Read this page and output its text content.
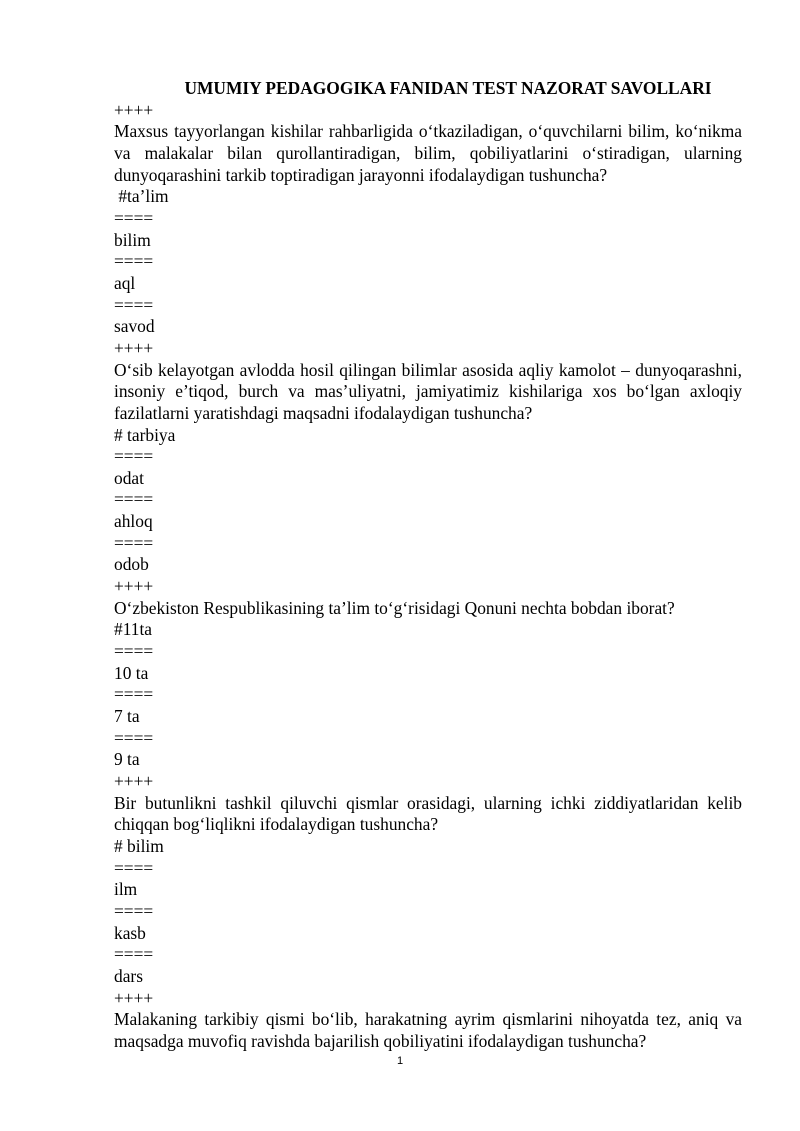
UMUMIY PEDAGOGIKA FANIDAN TEST NAZORAT SAVOLLARI

++++

Maxsus tayyorlangan kishilar rahbarligida o‘tkaziladigan, o‘quvchilarni bilim, ko‘nikma va malakalar bilan qurollantiradigan, bilim, qobiliyatlarini o‘stiradigan, ularning dunyoqarashini tarkib toptiradigan jarayonni ifodalaydigan tushuncha?

#ta’lim

====

bilim

====

aql

====

savod

++++

O‘sib kelayotgan avlodda hosil qilingan bilimlar asosida aqliy kamolot – dunyoqarashni, insoniy e’tiqod, burch va mas’uliyatni, jamiyatimiz kishilariga xos bo‘lgan axloqiy fazilatlarni yaratishdagi maqsadni ifodalaydigan tushuncha?

# tarbiya

====

odat

====

ahloq

====

odob

++++

O‘zbekiston Respublikasining ta’lim to‘g‘risidagi Qonuni nechta bobdan iborat?

#11ta

====

10 ta

====

7 ta

====

9 ta

++++

Bir butunlikni tashkil qiluvchi qismlar orasidagi, ularning ichki ziddiyatlaridan kelib chiqqan bog‘liqlikni ifodalaydigan tushuncha?

# bilim

====

ilm

====

kasb

====

dars

++++

Malakaning tarkibiy qismi bo‘lib, harakatning ayrim qismlarini nihoyatda tez, aniq va maqsadga muvofiq ravishda bajarilish qobiliyatini ifodalaydigan tushuncha?

1
